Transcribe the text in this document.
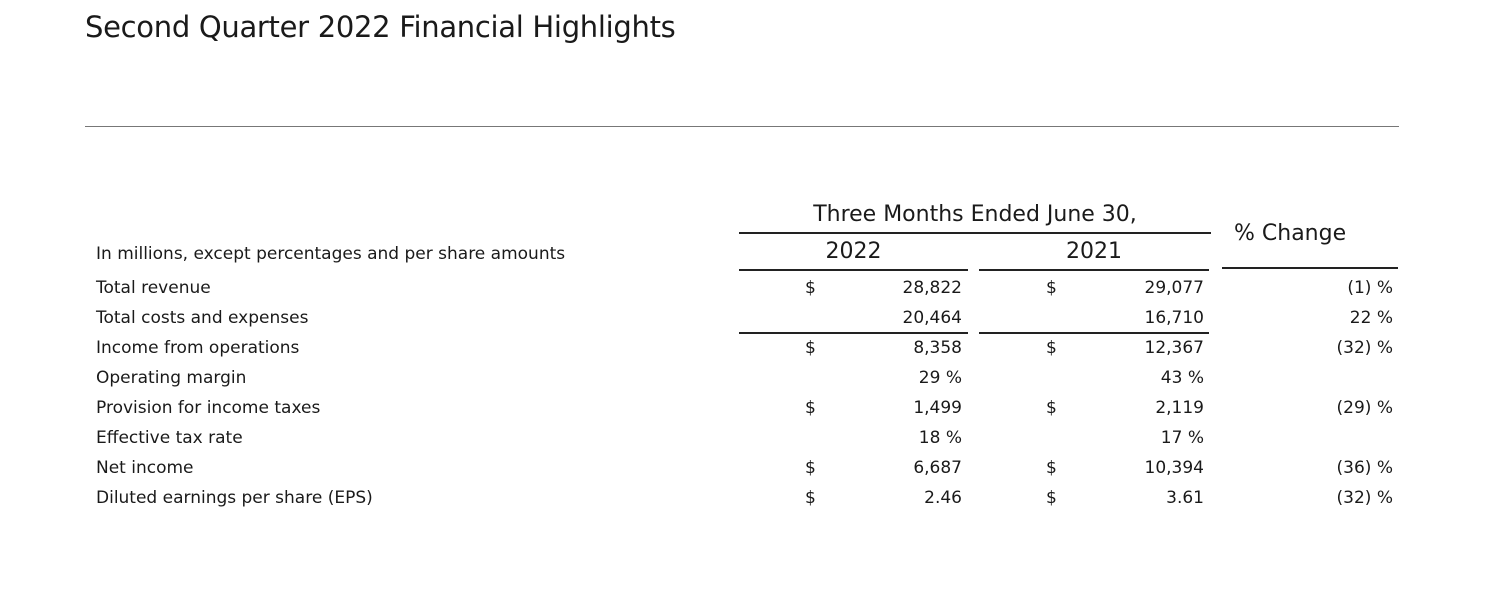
Second Quarter 2022 Financial Highlights
Three Months Ended June 30,
2022	2021
% Change
In millions, except percentages and per share amounts
Total revenue	$	28,822	$	29,077	(1) %
Total costs and expenses	20,464	16,710	22 %
Income from operations	$	8,358	$	12,367	(32) %
Operating margin	29 %	43 %
Provision for income taxes	$	1,499	$	2,119	(29) %
Effective tax rate	18 %	17 %
Net income	$	6,687	$	10,394	(36) %
Diluted earnings per share (EPS)	$	2.46	$	3.61	(32) %
